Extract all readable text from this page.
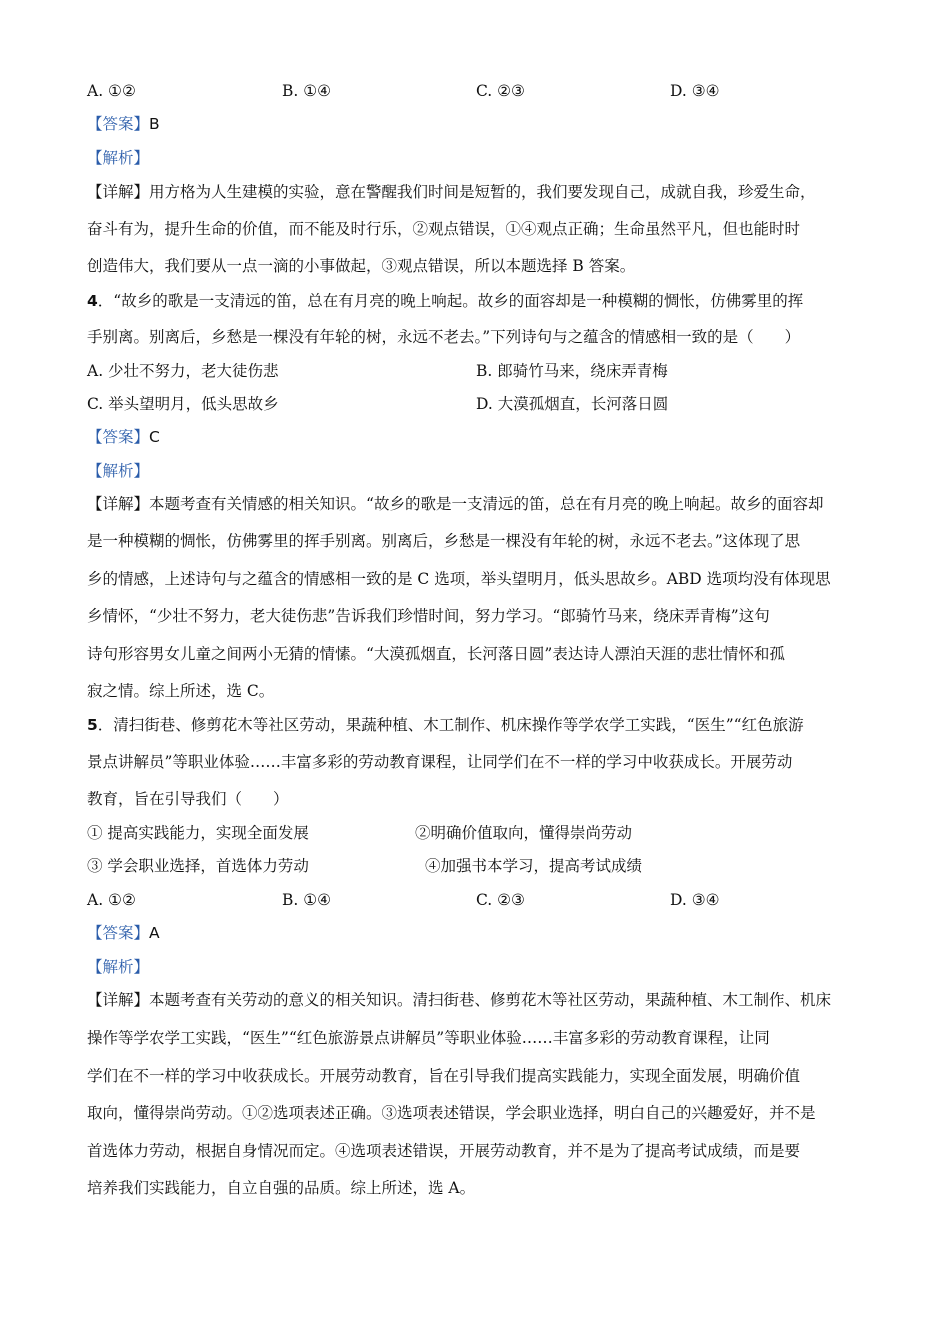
A. ①②	B. ①④	C. ②③	D. ③④
【答案】B
【解析】
【详解】用方格为人生建模的实验，意在警醒我们时间是短暂的，我们要发现自己，成就自我，珍爱生命，
奋斗有为，提升生命的价值，而不能及时行乐，②观点错误，①④观点正确；生命虽然平凡，但也能时时
创造伟大，我们要从一点一滴的小事做起，③观点错误，所以本题选择 B 答案。
4．“故乡的歌是一支清远的笛，总在有月亮的晚上响起。故乡的面容却是一种模糊的惆怅，仿佛雾里的挥
手别离。别离后，乡愁是一棵没有年轮的树，永远不老去。”下列诗句与之蕴含的情感相一致的是（　　）
A. 少壮不努力，老大徒伤悲	B. 郎骑竹马来，绕床弄青梅
C. 举头望明月，低头思故乡	D. 大漠孤烟直，长河落日圆
【答案】C
【解析】
【详解】本题考查有关情感的相关知识。“故乡的歌是一支清远的笛，总在有月亮的晚上响起。故乡的面容却
是一种模糊的惆怅，仿佛雾里的挥手别离。别离后，乡愁是一棵没有年轮的树，永远不老去。”这体现了思
乡的情感，上述诗句与之蕴含的情感相一致的是 C 选项，举头望明月，低头思故乡。ABD 选项均没有体现思
乡情怀，“少壮不努力，老大徒伤悲”告诉我们珍惜时间，努力学习。“郎骑竹马来，绕床弄青梅”这句
诗句形容男女儿童之间两小无猜的情愫。“大漠孤烟直，长河落日圆”表达诗人漂泊天涯的悲壮情怀和孤
寂之情。综上所述，选 C。
5．清扫街巷、修剪花木等社区劳动，果蔬种植、木工制作、机床操作等学农学工实践，“医生”“红色旅游
景点讲解员”等职业体验……丰富多彩的劳动教育课程，让同学们在不一样的学习中收获成长。开展劳动
教育，旨在引导我们（　　）
① 提高实践能力，实现全面发展	②明确价值取向，懂得崇尚劳动
③ 学会职业选择，首选体力劳动	④加强书本学习，提高考试成绩
A. ①②	B. ①④	C. ②③	D. ③④
【答案】A
【解析】
【详解】本题考查有关劳动的意义的相关知识。清扫街巷、修剪花木等社区劳动，果蔬种植、木工制作、机床
操作等学农学工实践，“医生”“红色旅游景点讲解员”等职业体验……丰富多彩的劳动教育课程，让同
学们在不一样的学习中收获成长。开展劳动教育，旨在引导我们提高实践能力，实现全面发展，明确价值
取向，懂得崇尚劳动。①②选项表述正确。③选项表述错误，学会职业选择，明白自己的兴趣爱好，并不是
首选体力劳动，根据自身情况而定。④选项表述错误，开展劳动教育，并不是为了提高考试成绩，而是要
培养我们实践能力，自立自强的品质。综上所述，选 A。
